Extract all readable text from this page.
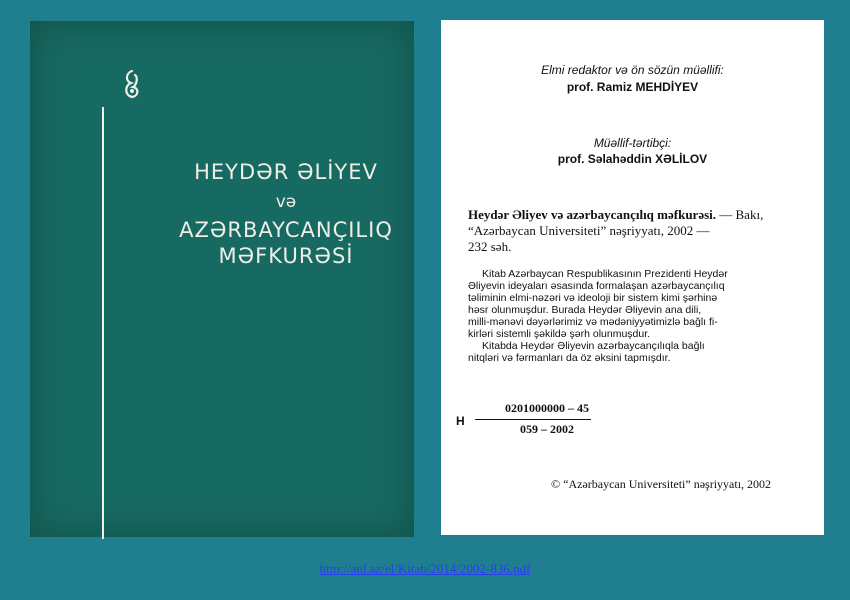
HEYDƏR ƏLİYEV
və
AZƏRBAYCANÇILIQ
MƏFKURƏSİ
Elmi redaktor və ön sözün müəllifi:
prof. Ramiz MEHDİYEV
Müəllif-tərtibçi:
prof. Səlahəddin XƏLİLOV
Heydər Əliyev və azərbaycançılıq məfkurəsi. — Bakı,
“Azərbaycan Universiteti” nəşriyyatı, 2002 —
232 səh.
Kitab Azərbaycan Respublikasının Prezidenti Heydər
Əliyevin ideyaları əsasında formalaşan azərbaycançılıq
təliminin elmi-nəzəri və ideoloji bir sistem kimi şərhinə
həsr olunmuşdur. Burada Heydər Əliyevin ana dili,
milli-mənəvi dəyərlərimiz və mədəniyyətimizlə bağlı fi-
kirləri sistemli şəkildə şərh olunmuşdur.
Kitabda Heydər Əliyevin azərbaycançılıqla bağlı
nitqləri və fərmanları da öz əksini tapmışdır.
H
0201000000 – 45
059 – 2002
© “Azərbaycan Universiteti” nəşriyyatı, 2002
http://anl.az/el/Kitab/2014/2002-836.pdf
